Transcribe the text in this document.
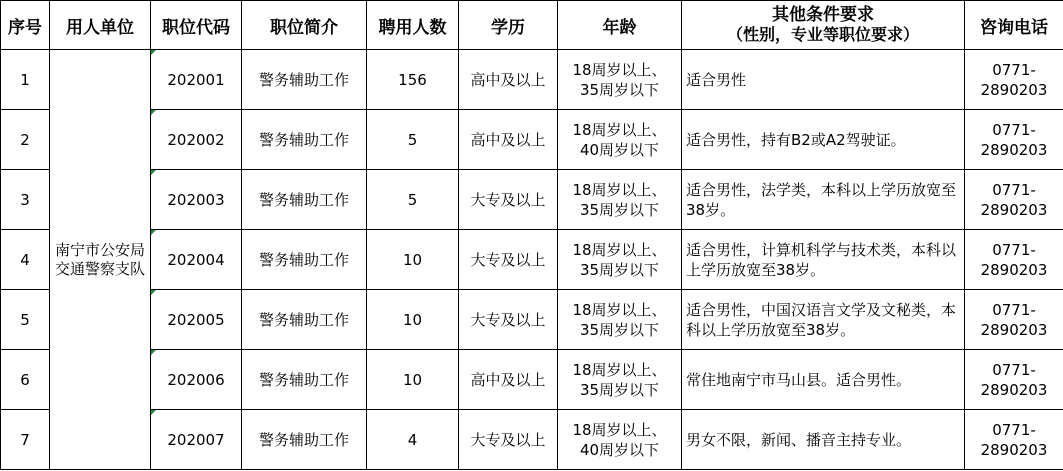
序号	用人单位	职位代码	职位简介	聘用人数	学历	年龄	其他条件要求
（性别，专业等职位要求）	咨询电话
1	南宁市公安局交通警察支队	202001	警务辅助工作	156	高中及以上	18周岁以上、
35周岁以下	适合男性	0771-
2890203

2		202002	警务辅助工作	5	高中及以上	18周岁以上、
40周岁以下	适合男性，持有B2或A2驾驶证。	0771-
2890203

3		202003	警务辅助工作	5	大专及以上	18周岁以上、
35周岁以下	适合男性，法学类，本科以上学历放宽至38岁。	0771-
2890203

4		202004	警务辅助工作	10	大专及以上	18周岁以上、
35周岁以下	适合男性，计算机科学与技术类，本科以上学历放宽至38岁。	0771-
2890203

5		202005	警务辅助工作	10	大专及以上	18周岁以上、
35周岁以下	适合男性，中国汉语言文学及文秘类，本科以上学历放宽至38岁。	0771-
2890203

6		202006	警务辅助工作	10	高中及以上	18周岁以上、
35周岁以下	常住地南宁市马山县。适合男性。	0771-
2890203

7		202007	警务辅助工作	4	大专及以上	18周岁以上、
40周岁以下	男女不限，新闻、播音主持专业。	0771-
2890203
